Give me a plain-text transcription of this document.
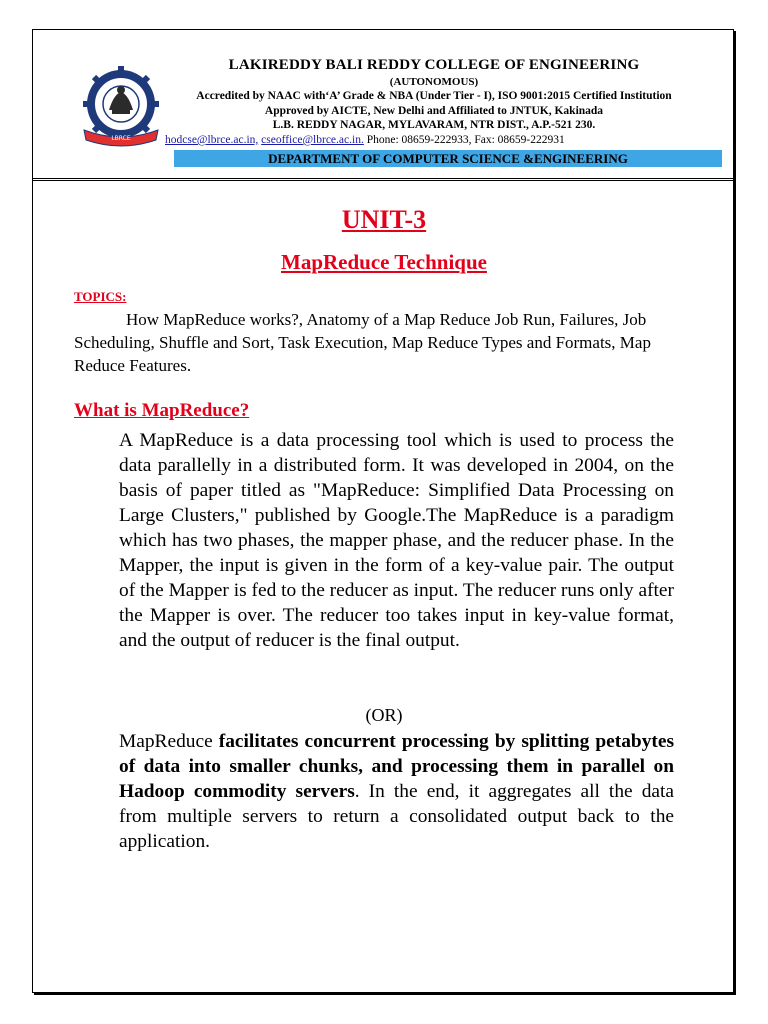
LBRCE
LAKIREDDY BALI REDDY COLLEGE OF ENGINEERING
(AUTONOMOUS)
Accredited by NAAC with‘A’ Grade & NBA (Under Tier - I), ISO 9001:2015 Certified Institution
Approved by AICTE, New Delhi and Affiliated to JNTUK, Kakinada
L.B. REDDY NAGAR, MYLAVARAM, NTR DIST., A.P.-521 230.
hodcse@lbrce.ac.in, cseoffice@lbrce.ac.in. Phone: 08659-222933, Fax: 08659-222931
DEPARTMENT OF COMPUTER SCIENCE &ENGINEERING
UNIT-3
MapReduce Technique
TOPICS:
How MapReduce works?, Anatomy of a Map Reduce Job Run, Failures, Job Scheduling, Shuffle and Sort, Task Execution, Map Reduce Types and Formats, Map Reduce Features.
What is MapReduce?
A MapReduce is a data processing tool which is used to process the data parallelly in a distributed form. It was developed in 2004, on the basis of paper titled as "MapReduce: Simplified Data Processing on Large Clusters," published by Google.The MapReduce is a paradigm which has two phases, the mapper phase, and the reducer phase. In the Mapper, the input is given in the form of a key-value pair. The output of the Mapper is fed to the reducer as input. The reducer runs only after the Mapper is over. The reducer too takes input in key-value format, and the output of reducer is the final output.
(OR)
MapReduce facilitates concurrent processing by splitting petabytes of data into smaller chunks, and processing them in parallel on Hadoop commodity servers. In the end, it aggregates all the data from multiple servers to return a consolidated output back to the application.
